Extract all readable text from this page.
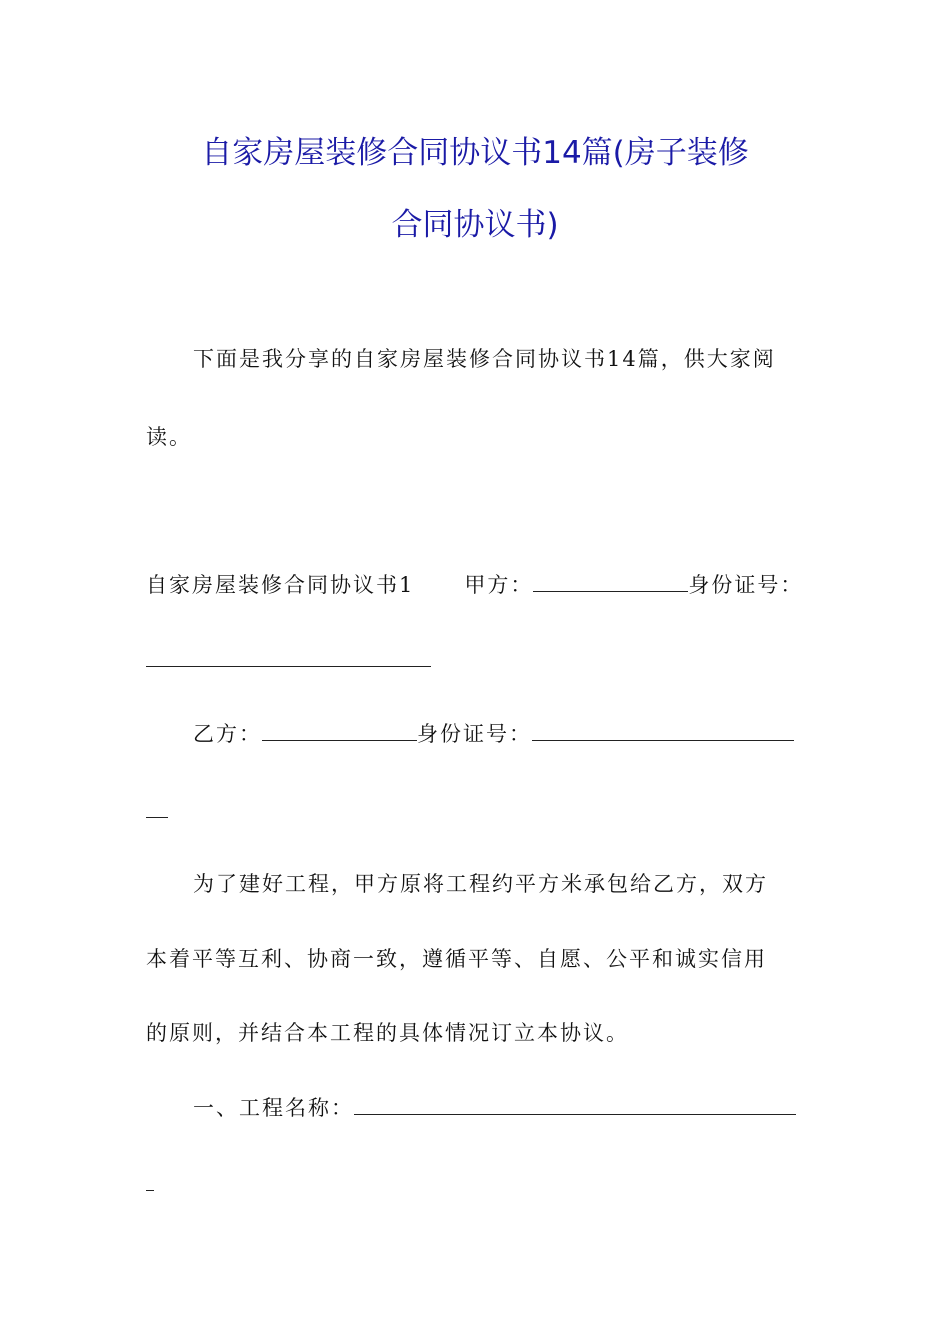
自家房屋装修合同协议书14篇(房子装修
合同协议书)
下面是我分享的自家房屋装修合同协议书14篇，供大家阅
读。
自家房屋装修合同协议书1 甲方：	身份证号：
乙方：	身份证号：
为了建好工程，甲方原将工程约平方米承包给乙方，双方
本着平等互利、协商一致，遵循平等、自愿、公平和诚实信用
的原则，并结合本工程的具体情况订立本协议。
一、工程名称：
